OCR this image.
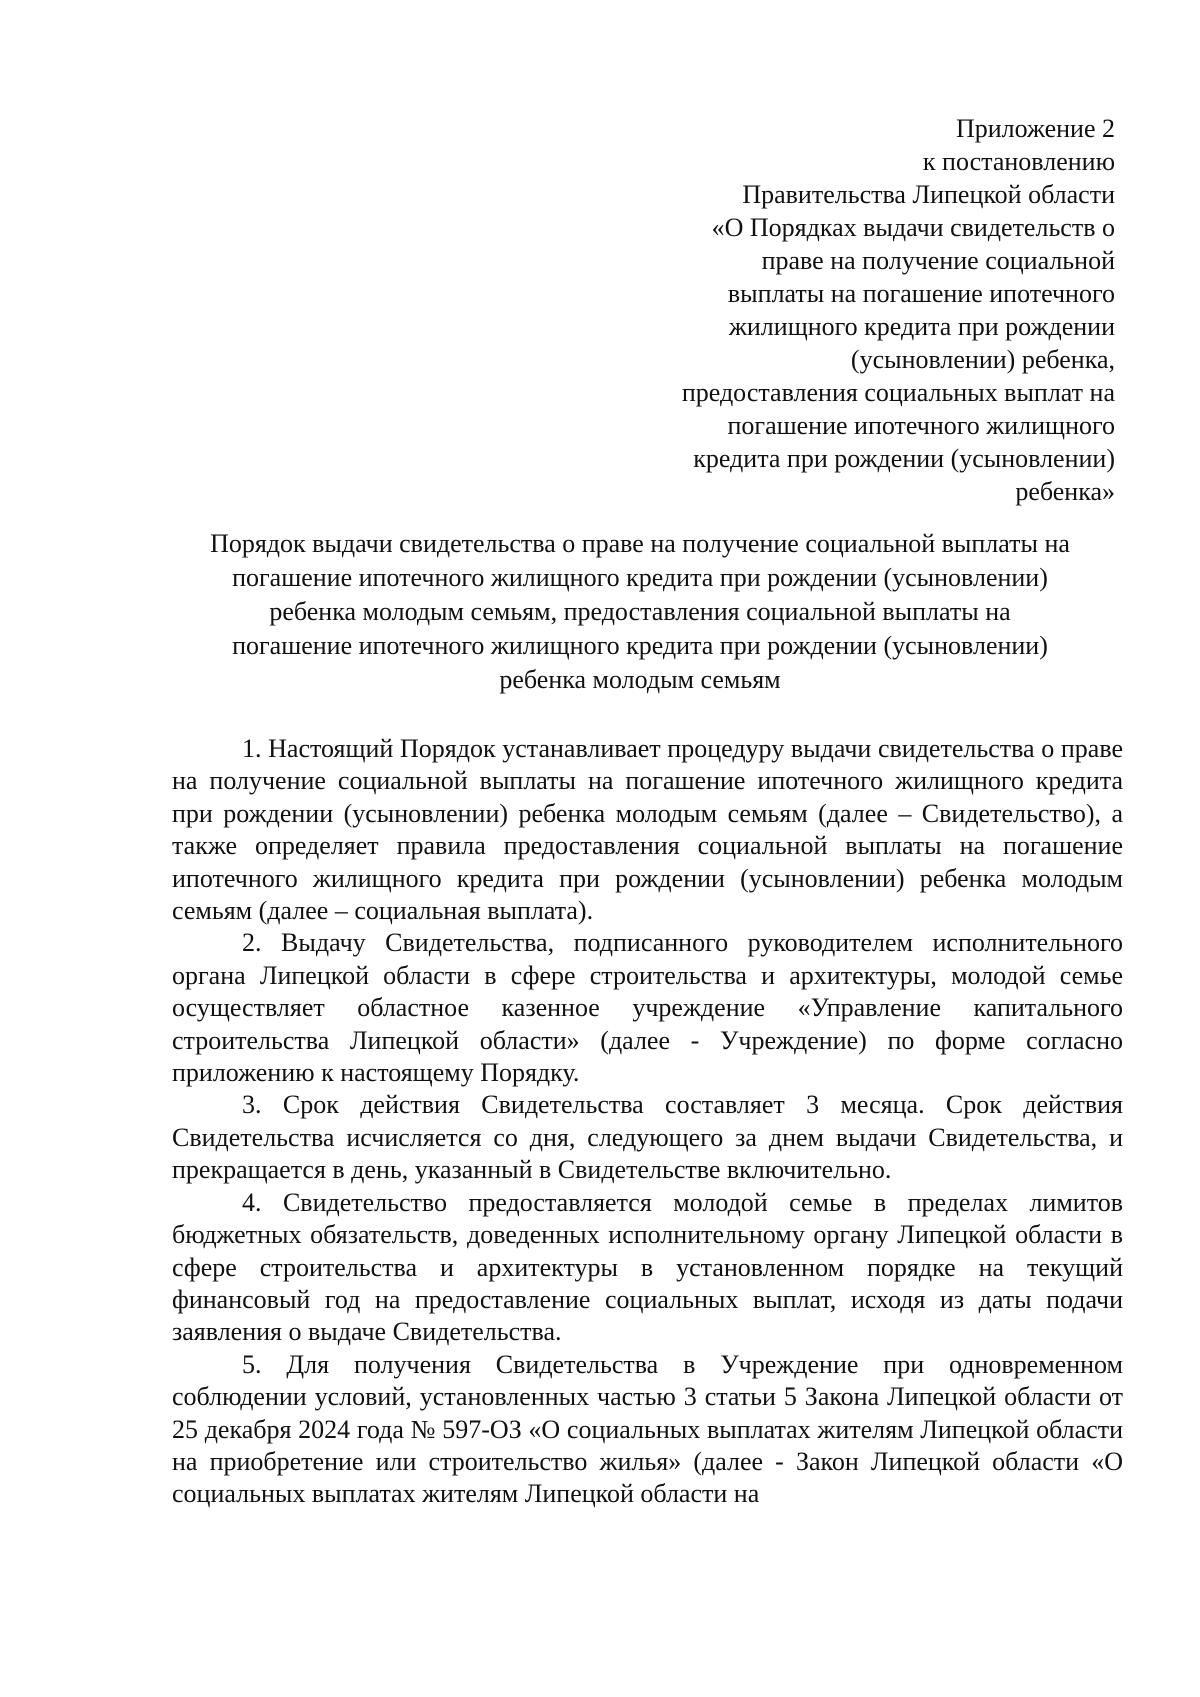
Приложение 2
к постановлению
Правительства Липецкой области
«О Порядках выдачи свидетельств о
праве на получение социальной
выплаты на погашение ипотечного
жилищного кредита при рождении
(усыновлении) ребенка,
предоставления социальных выплат на
погашение ипотечного жилищного
кредита при рождении (усыновлении)
ребенка»
Порядок выдачи свидетельства о праве на получение социальной выплаты на
погашение ипотечного жилищного кредита при рождении (усыновлении)
ребенка молодым семьям, предоставления социальной выплаты на
погашение ипотечного жилищного кредита при рождении (усыновлении)
ребенка молодым семьям

1. Настоящий Порядок устанавливает процедуру выдачи свидетельства о праве на получение социальной выплаты на погашение ипотечного жилищного кредита при рождении (усыновлении) ребенка молодым семьям (далее – Свидетельство), а также определяет правила предоставления социальной выплаты на погашение ипотечного жилищного кредита при рождении (усыновлении) ребенка молодым семьям (далее – социальная выплата).

2. Выдачу Свидетельства, подписанного руководителем исполнительного органа Липецкой области в сфере строительства и архитектуры, молодой семье осуществляет областное казенное учреждение «Управление капитального строительства Липецкой области» (далее - Учреждение) по форме согласно приложению к настоящему Порядку.

3. Срок действия Свидетельства составляет 3 месяца. Срок действия Свидетельства исчисляется со дня, следующего за днем выдачи Свидетельства, и прекращается в день, указанный в Свидетельстве включительно.

4. Свидетельство предоставляется молодой семье в пределах лимитов бюджетных обязательств, доведенных исполнительному органу Липецкой области в сфере строительства и архитектуры в установленном порядке на текущий финансовый год на предоставление социальных выплат, исходя из даты подачи заявления о выдаче Свидетельства.

5. Для получения Свидетельства в Учреждение при одновременном соблюдении условий, установленных частью 3 статьи 5 Закона Липецкой области от 25 декабря 2024 года № 597-ОЗ «О социальных выплатах жителям Липецкой области на приобретение или строительство жилья» (далее - Закон Липецкой области «О социальных выплатах жителям Липецкой области на
